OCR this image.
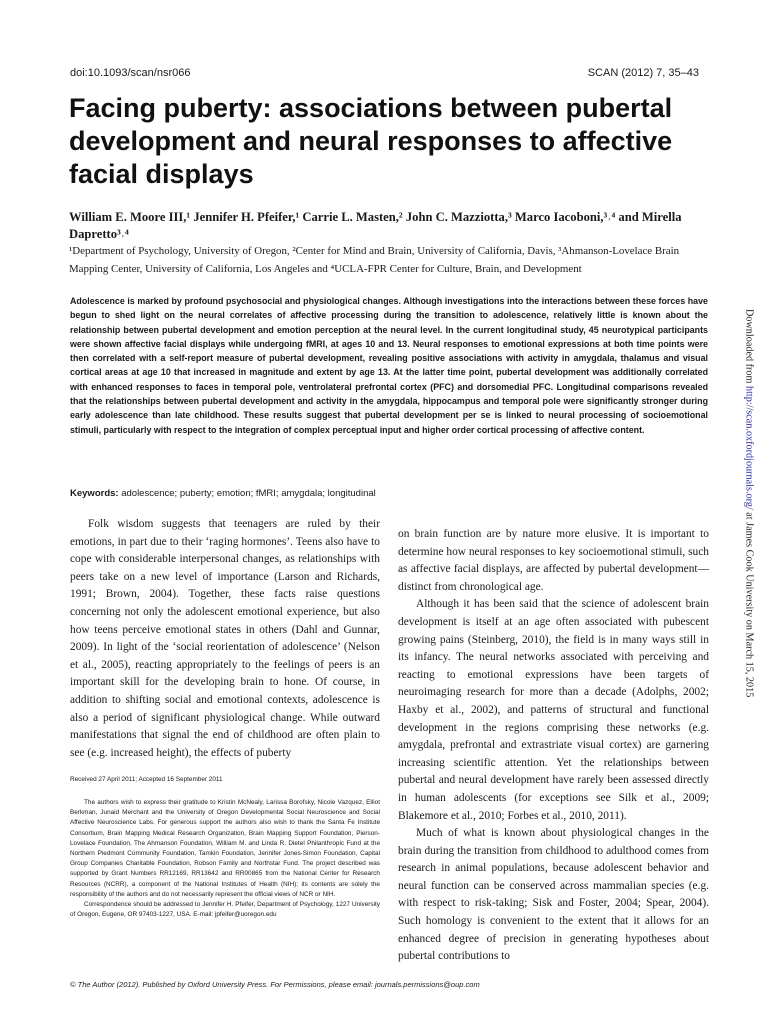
doi:10.1093/scan/nsr066	SCAN (2012) 7, 35–43
Facing puberty: associations between pubertal development and neural responses to affective facial displays
William E. Moore III,¹ Jennifer H. Pfeifer,¹ Carrie L. Masten,² John C. Mazziotta,³ Marco Iacoboni,³˒⁴ and Mirella Dapretto³˒⁴
¹Department of Psychology, University of Oregon, ²Center for Mind and Brain, University of California, Davis, ³Ahmanson-Lovelace Brain Mapping Center, University of California, Los Angeles and ⁴UCLA-FPR Center for Culture, Brain, and Development
Adolescence is marked by profound psychosocial and physiological changes. Although investigations into the interactions between these forces have begun to shed light on the neural correlates of affective processing during the transition to adolescence, relatively little is known about the relationship between pubertal development and emotion perception at the neural level. In the current longitudinal study, 45 neurotypical participants were shown affective facial displays while undergoing fMRI, at ages 10 and 13. Neural responses to emotional expressions at both time points were then correlated with a self-report measure of pubertal development, revealing positive associations with activity in amygdala, thalamus and visual cortical areas at age 10 that increased in magnitude and extent by age 13. At the latter time point, pubertal development was additionally correlated with enhanced responses to faces in temporal pole, ventrolateral prefrontal cortex (PFC) and dorsomedial PFC. Longitudinal comparisons revealed that the relationships between pubertal development and activity in the amygdala, hippocampus and temporal pole were significantly stronger during early adolescence than late childhood. These results suggest that pubertal development per se is linked to neural processing of socioemotional stimuli, particularly with respect to the integration of complex perceptual input and higher order cortical processing of affective content.
Keywords: adolescence; puberty; emotion; fMRI; amygdala; longitudinal

Folk wisdom suggests that teenagers are ruled by their emotions, in part due to their ‘raging hormones’. Teens also have to cope with considerable interpersonal changes, as relationships with peers take on a new level of importance (Larson and Richards, 1991; Brown, 2004). Together, these facts raise questions concerning not only the adolescent emotional experience, but also how teens perceive emotional states in others (Dahl and Gunnar, 2009). In light of the ‘social reorientation of adolescence’ (Nelson et al., 2005), reacting appropriately to the feelings of peers is an important skill for the developing brain to hone. Of course, in addition to shifting social and emotional contexts, adolescence is also a period of significant physiological change. While outward manifestations that signal the end of childhood are often plain to see (e.g. increased height), the effects of puberty

Received 27 April 2011; Accepted 16 September 2011

The authors wish to express their gratitude to Kristin McNealy, Larissa Borofsky, Nicole Vazquez, Elliot Berkman, Junaid Merchant and the University of Oregon Developmental Social Neuroscience and Social Affective Neuroscience Labs. For generous support the authors also wish to thank the Santa Fe Institute Consortium, Brain Mapping Medical Research Organization, Brain Mapping Support Foundation, Pierson-Lovelace Foundation, The Ahmanson Foundation, William M. and Linda R. Dietel Philanthropic Fund at the Northern Piedmont Community Foundation, Tamkin Foundation, Jennifer Jones-Simon Foundation, Capital Group Companies Charitable Foundation, Robson Family and Northstar Fund. The project described was supported by Grant Numbers RR12169, RR13642 and RR00865 from the National Center for Research Resources (NCRR), a component of the National Institutes of Health (NIH); its contents are solely the responsibility of the authors and do not necessarily represent the official views of NCR or NIH.

Correspondence should be addressed to Jennifer H. Pfeifer, Department of Psychology, 1227 University of Oregon, Eugene, OR 97403-1227, USA. E-mail: jpfeifer@uoregon.edu

on brain function are by nature more elusive. It is important to determine how neural responses to key socioemotional stimuli, such as affective facial displays, are affected by pubertal development—distinct from chronological age.

Although it has been said that the science of adolescent brain development is itself at an age often associated with pubescent growing pains (Steinberg, 2010), the field is in many ways still in its infancy. The neural networks associated with perceiving and reacting to emotional expressions have been targets of neuroimaging research for more than a decade (Adolphs, 2002; Haxby et al., 2002), and patterns of structural and functional development in the regions comprising these networks (e.g. amygdala, prefrontal and extrastriate visual cortex) are garnering increasing scientific attention. Yet the relationships between pubertal and neural development have rarely been assessed directly in human adolescents (for exceptions see Silk et al., 2009; Blakemore et al., 2010; Forbes et al., 2010, 2011).

Much of what is known about physiological changes in the brain during the transition from childhood to adulthood comes from research in animal populations, because adolescent behavior and neural function can be conserved across mammalian species (e.g. with respect to risk-taking; Sisk and Foster, 2004; Spear, 2004). Such homology is convenient to the extent that it allows for an enhanced degree of precision in generating hypotheses about pubertal contributions to

© The Author (2012). Published by Oxford University Press. For Permissions, please email: journals.permissions@oup.com
Downloaded from http://scan.oxfordjournals.org/ at James Cook University on March 15, 2015
